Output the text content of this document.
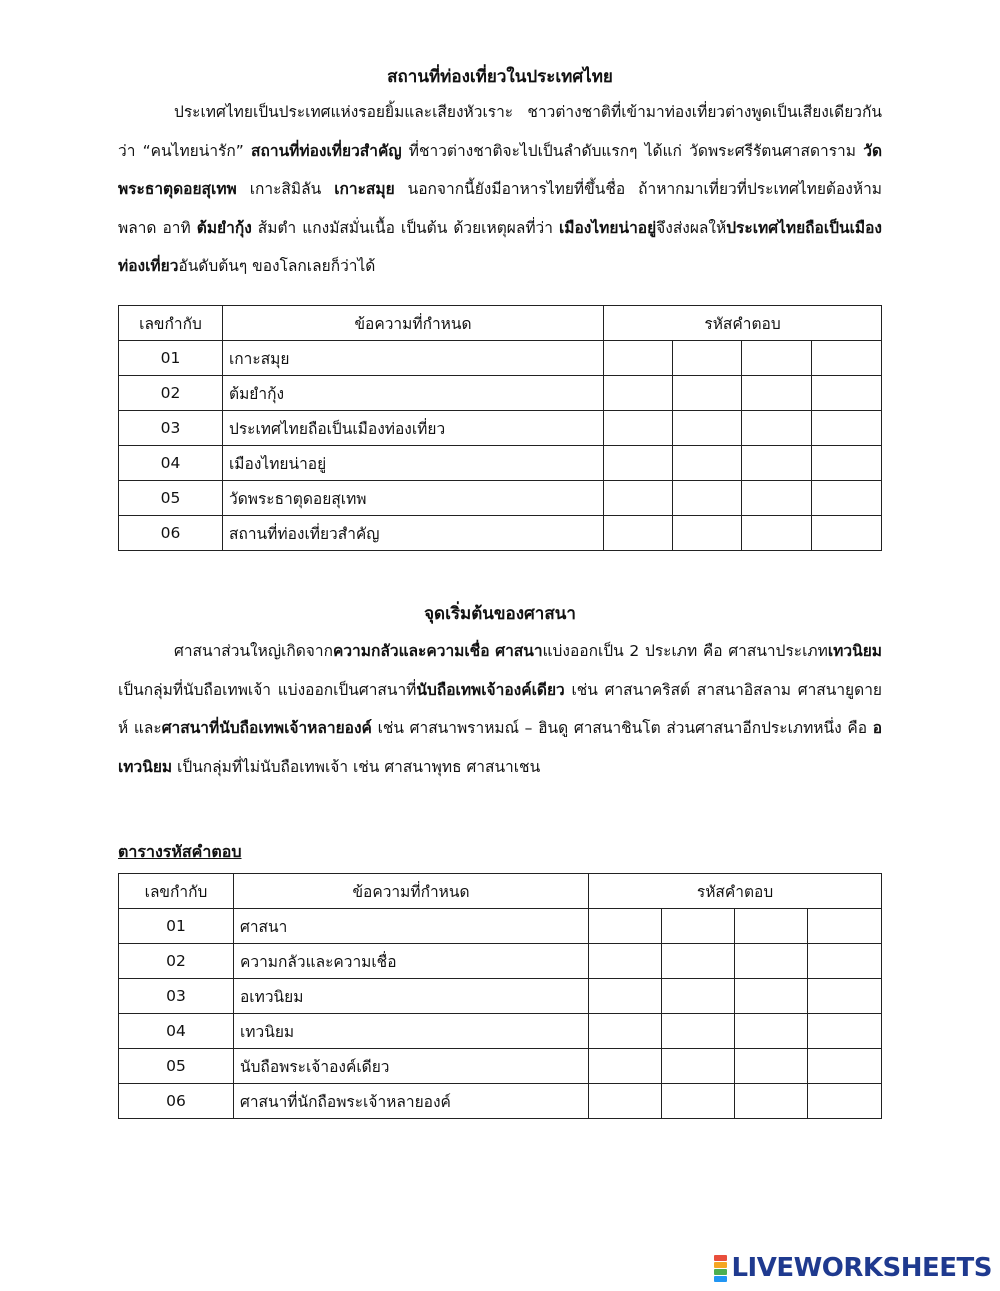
สถานที่ท่องเที่ยวในประเทศไทย
ประเทศไทยเป็นประเทศแห่งรอยยิ้มและเสียงหัวเราะ ชาวต่างชาติที่เข้ามาท่องเที่ยวต่างพูดเป็นเสียงเดียวกันว่า “คนไทยน่ารัก” สถานที่ท่องเที่ยวสำคัญ ที่ชาวต่างชาติจะไปเป็นลำดับแรกๆ ได้แก่ วัดพระศรีรัตนศาสดาราม วัดพระธาตุดอยสุเทพ เกาะสิมิลัน เกาะสมุย นอกจากนี้ยังมีอาหารไทยที่ขึ้นชื่อ ถ้าหากมาเที่ยวที่ประเทศไทยต้องห้ามพลาด อาทิ ต้มยำกุ้ง ส้มตำ แกงมัสมั่นเนื้อ เป็นต้น ด้วยเหตุผลที่ว่า เมืองไทยน่าอยู่จึงส่งผลให้ประเทศไทยถือเป็นเมืองท่องเที่ยวอันดับต้นๆ ของโลกเลยก็ว่าได้
เลขกำกับ	ข้อความที่กำหนด	รหัสคำตอบ			
01	เกาะสมุย				
02	ต้มยำกุ้ง				
03	ประเทศไทยถือเป็นเมืองท่องเที่ยว				
04	เมืองไทยน่าอยู่				
05	วัดพระธาตุดอยสุเทพ				
06	สถานที่ท่องเที่ยวสำคัญ				
จุดเริ่มต้นของศาสนา
ศาสนาส่วนใหญ่เกิดจากความกลัวและความเชื่อ ศาสนาแบ่งออกเป็น 2 ประเภท คือ ศาสนาประเภทเทวนิยม เป็นกลุ่มที่นับถือเทพเจ้า แบ่งออกเป็นศาสนาที่นับถือเทพเจ้าองค์เดียว เช่น ศาสนาคริสต์ สาสนาอิสลาม ศาสนายูดายห์ และศาสนาที่นับถือเทพเจ้าหลายองค์ เช่น ศาสนาพราหมณ์ – ฮินดู ศาสนาชินโต ส่วนศาสนาอีกประเภทหนึ่ง คือ อเทวนิยม เป็นกลุ่มที่ไม่นับถือเทพเจ้า เช่น ศาสนาพุทธ ศาสนาเชน
ตารางรหัสคำตอบ
เลขกำกับ	ข้อความที่กำหนด	รหัสคำตอบ			
01	ศาสนา				
02	ความกลัวและความเชื่อ				
03	อเทวนิยม				
04	เทวนิยม				
05	นับถือพระเจ้าองค์เดียว				
06	ศาสนาที่นักถือพระเจ้าหลายองค์				
LIVEWORKSHEETS
